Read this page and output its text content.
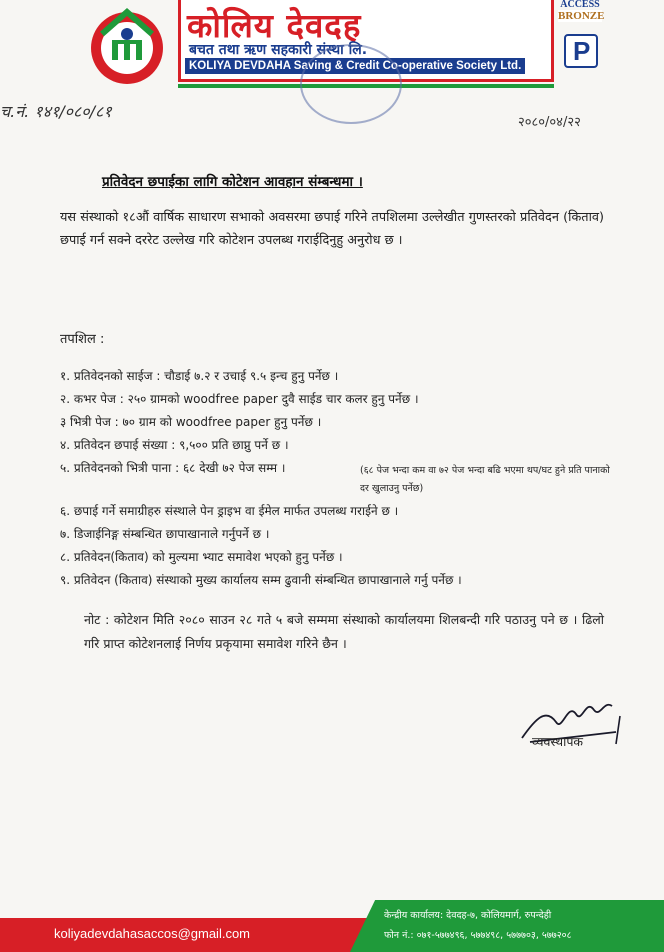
कोलिय देवदह
बचत तथा ऋण सहकारी संस्था लि.
KOLIYA DEVDAHA Saving & Credit Co-operative Society Ltd.
ACCESS
BRONZE
P
च.नं. १४१/०८०/८१
२०८०/०४/२२
प्रतिवेदन छपाईका लागि कोटेशन आवहान संम्बन्धमा ।
यस संस्थाको १८औं वार्षिक साधारण सभाको अवसरमा छपाई गरिने तपशिलमा उल्लेखीत गुणस्तरको प्रतिवेदन (किताव) छपाई गर्न सक्ने दररेट उल्लेख गरि कोटेशन उपलब्ध गराईदिनुहु अनुरोध छ ।
तपशिल :
१. प्रतिवेदनको साईज : चौडाई ७.२ र उचाई ९.५ इन्च हुनु पर्नेछ ।
२. कभर पेज : २५० ग्रामको woodfree paper दुवै साईड चार कलर हुनु पर्नेछ ।
३ भित्री पेज : ७० ग्राम को woodfree paper हुनु पर्नेछ ।
४. प्रतिवेदन छपाई संख्या : ९,५०० प्रति छाप्नु पर्ने छ ।
५. प्रतिवेदनको भित्री पाना : ६८ देखी ७२ पेज सम्म ।	(६८ पेज भन्दा कम वा ७२ पेज भन्दा बढि भएमा थप/घट हुने प्रति पानाको दर खुलाउनु पर्नेछ)
६. छपाई गर्ने समाग्रीहरु संस्थाले पेन ड्राइभ वा ईमेल मार्फत उपलब्ध गराईने छ ।
७. डिजाईनिङ्ग संम्बन्धित छापाखानाले गर्नुपर्ने छ ।
८. प्रतिवेदन(किताव) को मुल्यमा भ्याट समावेश भएको हुनु पर्नेछ ।
९. प्रतिवेदन (किताव) संस्थाको मुख्य कार्यालय सम्म ढुवानी संम्बन्धित छापाखानाले गर्नु पर्नेछ ।
नोट : कोटेशन मिति २०८० साउन २८ गते ५ बजे सम्ममा संस्थाको कार्यालयमा शिलबन्दी गरि पठाउनु पने छ । ढिलो गरि प्राप्त कोटेशनलाई निर्णय प्रकृयामा समावेश गरिने छैन ।
व्यवस्थापक
koliyadevdahasaccos@gmail.com
केन्द्रीय कार्यालय: देवदह-७, कोलियमार्ग, रुपन्देही
फोन नं.: ०७१-५७७४९६, ५७७४९८, ५७७७०३, ५७७२०८
